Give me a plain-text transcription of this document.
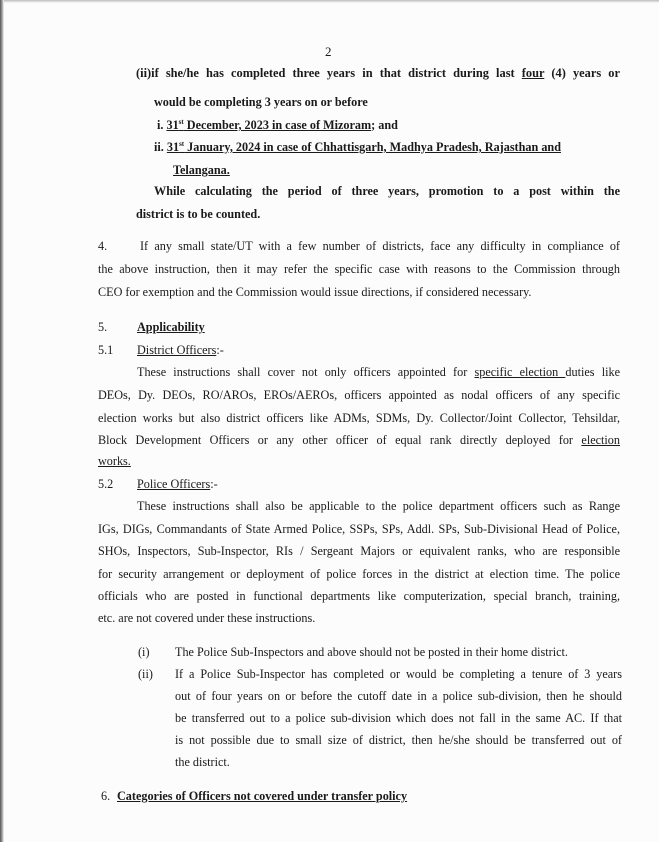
2
(ii)if she/he has completed three years in that district during last four (4) years or
would be completing 3 years on or before
i. 31st December, 2023 in case of Mizoram; and
ii. 31st January, 2024 in case of Chhattisgarh, Madhya Pradesh, Rajasthan and
Telangana.
While calculating the period of three years, promotion to a post within the
district is to be counted.
4.	If any small state/UT with a few number of districts, face any difficulty in compliance of
the above instruction, then it may refer the specific case with reasons to the Commission through
CEO for exemption and the Commission would issue directions, if considered necessary.
5. Applicability
5.1 District Officers:-
These instructions shall cover not only officers appointed for specific election duties like
DEOs, Dy. DEOs, RO/AROs, EROs/AEROs, officers appointed as nodal officers of any specific
election works but also district officers like ADMs, SDMs, Dy. Collector/Joint Collector, Tehsildar,
Block Development Officers or any other officer of equal rank directly deployed for election
works.
5.2 Police Officers:-
These instructions shall also be applicable to the police department officers such as Range
IGs, DIGs, Commandants of State Armed Police, SSPs, SPs, Addl. SPs, Sub-Divisional Head of Police,
SHOs, Inspectors, Sub-Inspector, RIs / Sergeant Majors or equivalent ranks, who are responsible
for security arrangement or deployment of police forces in the district at election time. The police
officials who are posted in functional departments like computerization, special branch, training,
etc. are not covered under these instructions.
(i) The Police Sub-Inspectors and above should not be posted in their home district.
(ii) If a Police Sub-Inspector has completed or would be completing a tenure of 3 years
out of four years on or before the cutoff date in a police sub-division, then he should
be transferred out to a police sub-division which does not fall in the same AC. If that
is not possible due to small size of district, then he/she should be transferred out of
the district.
6. Categories of Officers not covered under transfer policy
